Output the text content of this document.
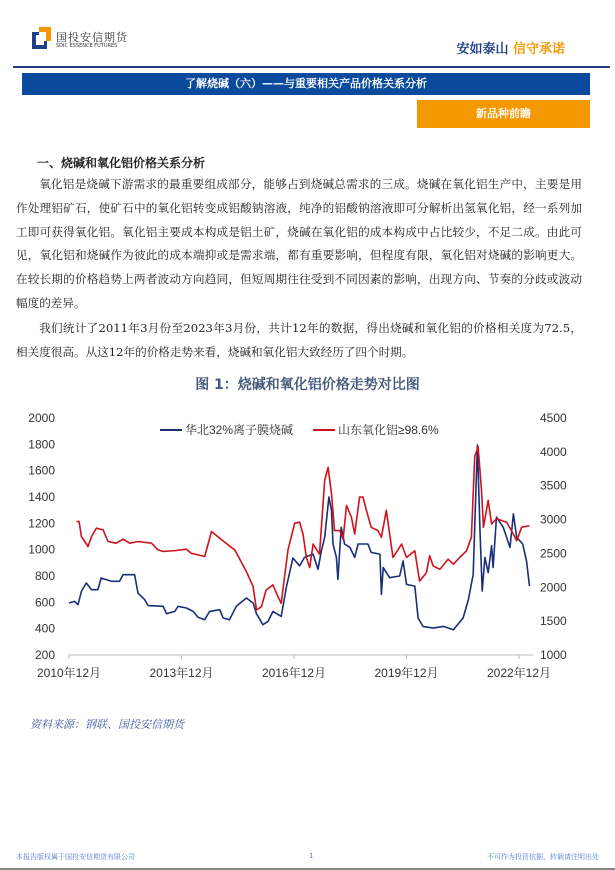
国投安信期货
SDIC ESSENCE FUTURES	安如泰山 信守承诺
了解烧碱（六）——与重要相关产品价格关系分析
新品种前瞻
一、烧碱和氧化铝价格关系分析

氧化铝是烧碱下游需求的最重要组成部分，能够占到烧碱总需求的三成。烧碱在氧化铝生产中，主要是用作处理铝矿石，使矿石中的氧化铝转变成铝酸钠溶液，纯净的铝酸钠溶液即可分解析出氢氧化铝，经一系列加工即可获得氧化铝。氧化铝主要成本构成是铝土矿，烧碱在氧化铝的成本构成中占比较少，不足二成。由此可见，氧化铝和烧碱作为彼此的成本端抑或是需求端，都有重要影响，但程度有限，氧化铝对烧碱的影响更大。在较长期的价格趋势上两者波动方向趋同，但短周期往往受到不同因素的影响，出现方向、节奏的分歧或波动幅度的差异。

我们统计了2011年3月份至2023年3月份，共计12年的数据，得出烧碱和氧化铝的价格相关度为72.5，相关度很高。从这12年的价格走势来看，烧碱和氧化铝大致经历了四个时期。

图 1：烧碱和氧化铝价格走势对比图
2010年12月	2013年12月	2016年12月	2019年12月	2022年12月
200
400
600
800
1000
1200
1400
1600
1800
2000
1000
1500
2000
2500
3000
3500
4000
4500
华北32%离子膜烧碱	山东氧化铝≥98.6%
资料来源：钢联、国投安信期货
本报告版权属于国投安信期货有限公司	1	不可作为投资依据，转载请注明出处
